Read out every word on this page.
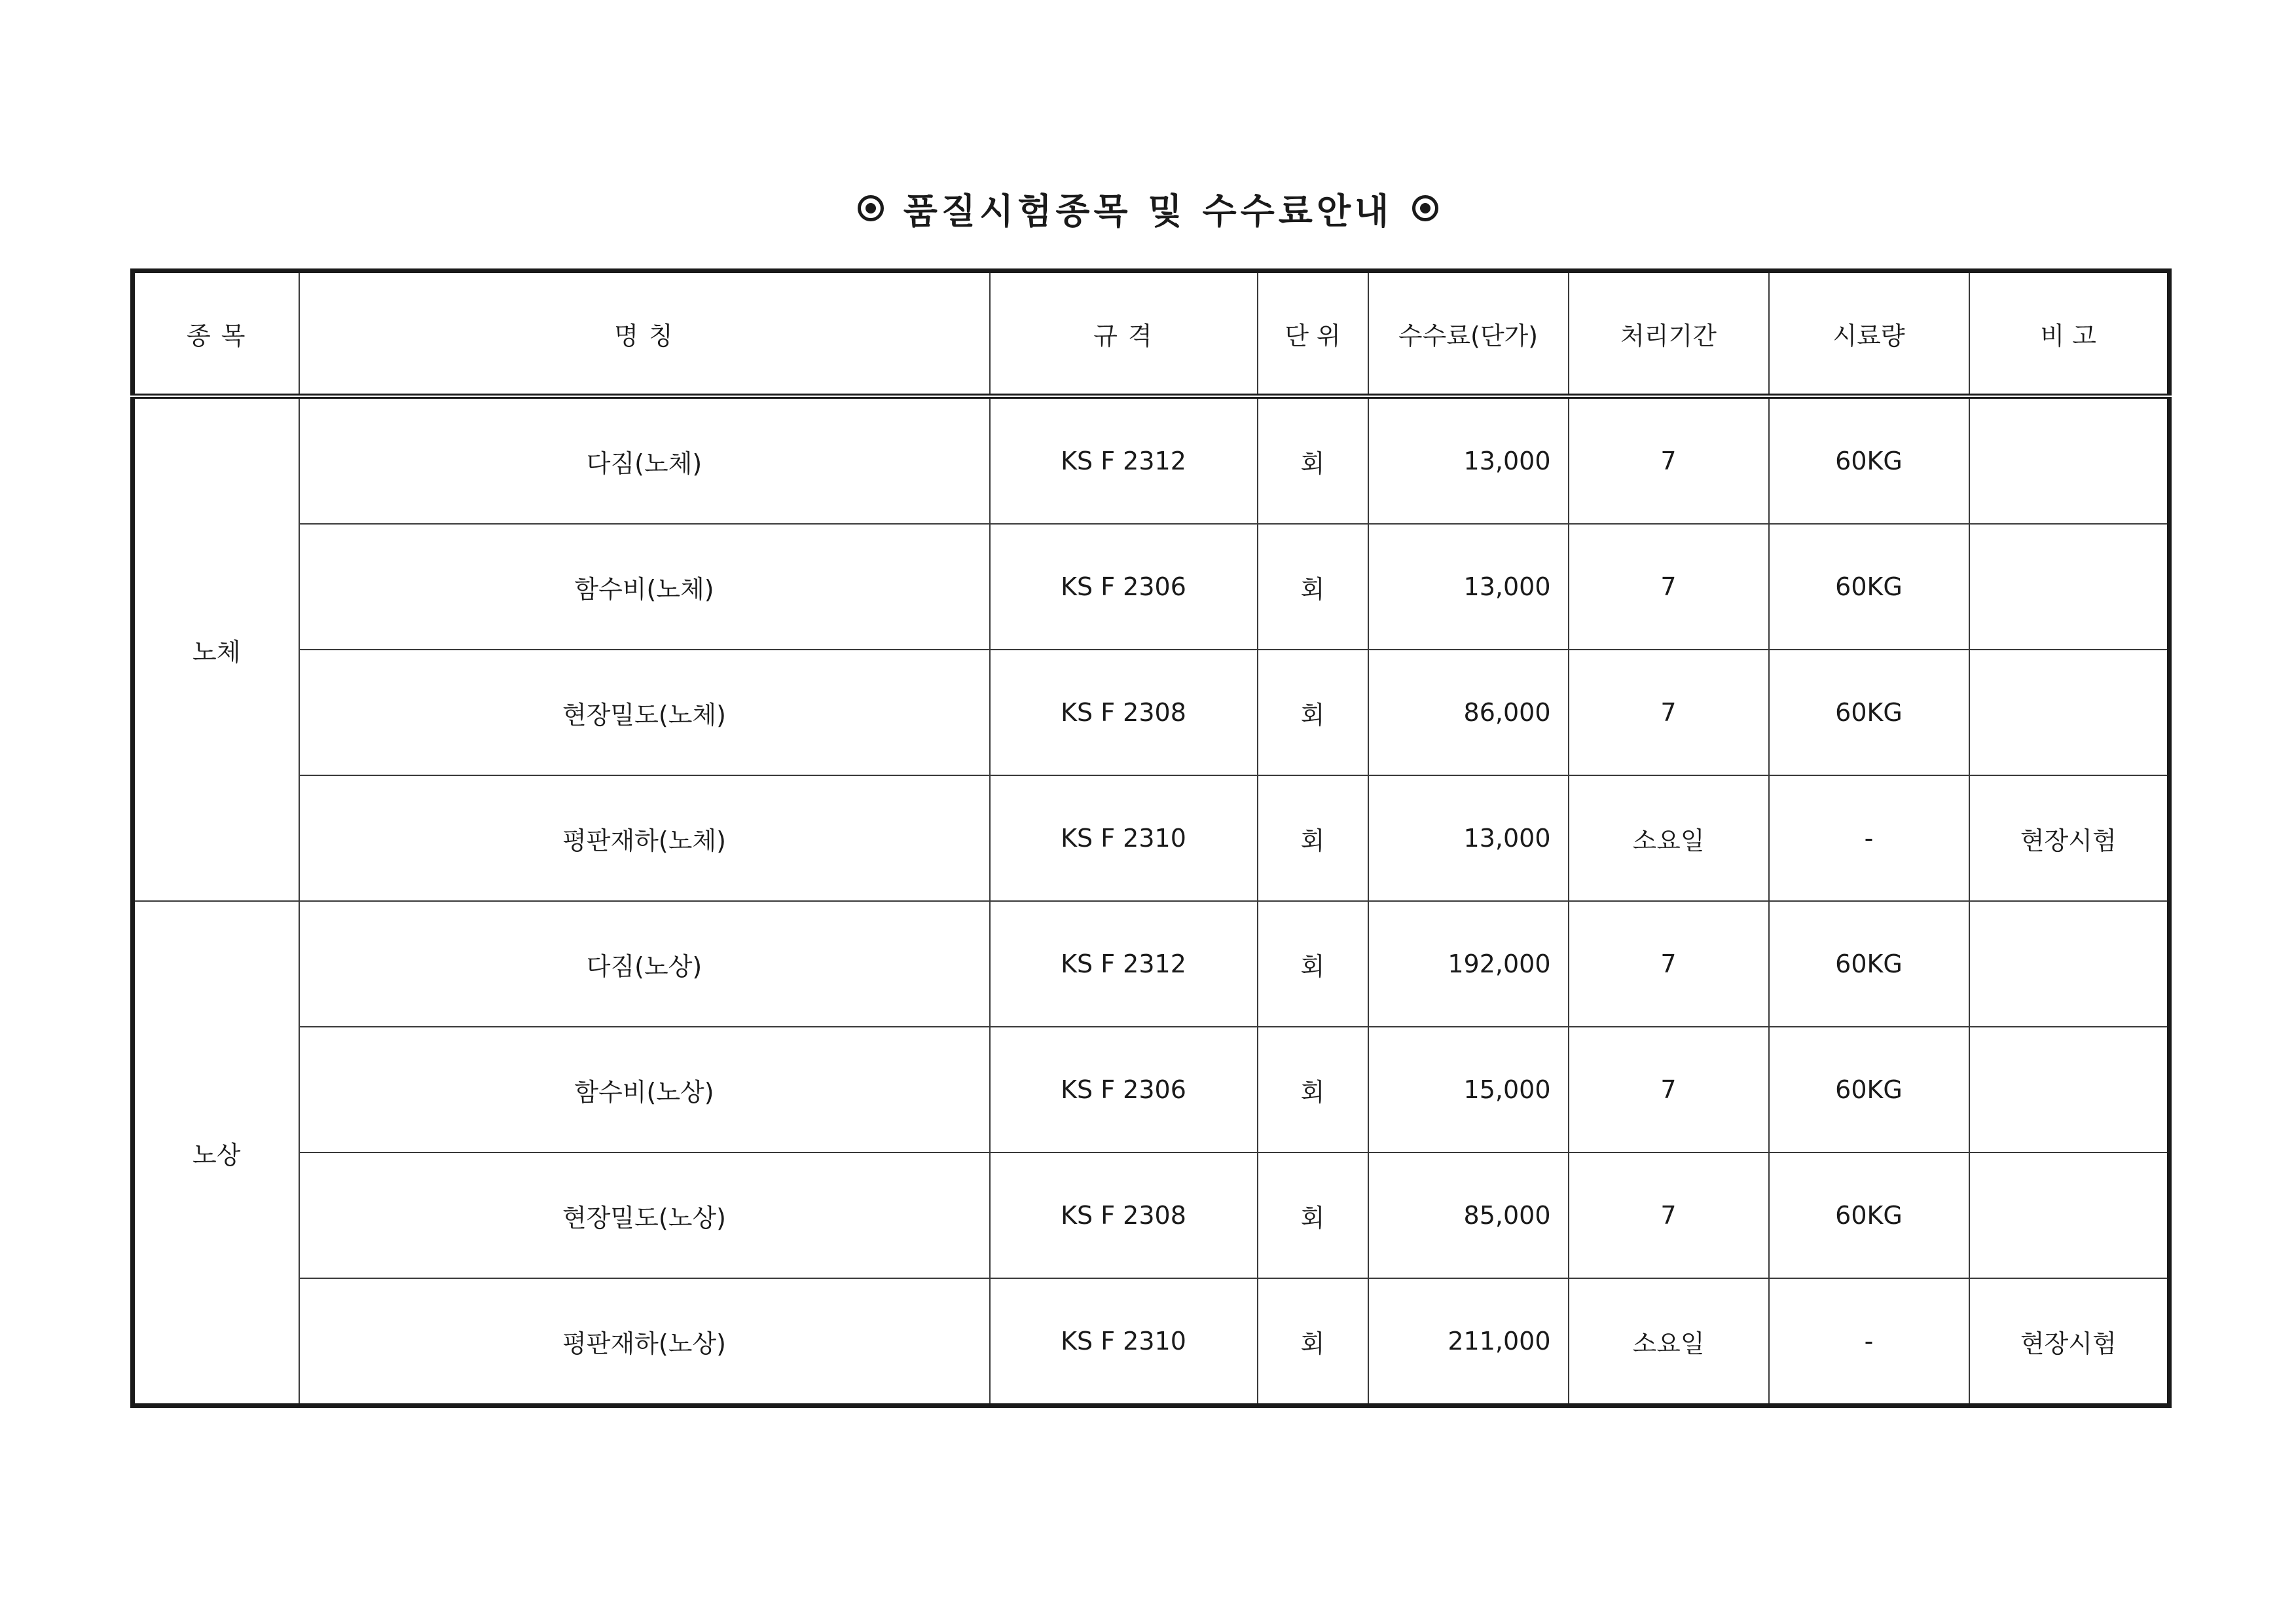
품질시험종목 및 수수료안내
종 목	명 칭	규 격	단 위	수수료(단가)	처리기간	시료량	비 고
노체	다짐(노체)	KS F 2312	회	13,000	7	60KG	
	함수비(노체)	KS F 2306	회	13,000	7	60KG	
	현장밀도(노체)	KS F 2308	회	86,000	7	60KG	
	평판재하(노체)	KS F 2310	회	13,000	소요일	-	현장시험
노상	다짐(노상)	KS F 2312	회	192,000	7	60KG	
	함수비(노상)	KS F 2306	회	15,000	7	60KG	
	현장밀도(노상)	KS F 2308	회	85,000	7	60KG	
	평판재하(노상)	KS F 2310	회	211,000	소요일	-	현장시험
